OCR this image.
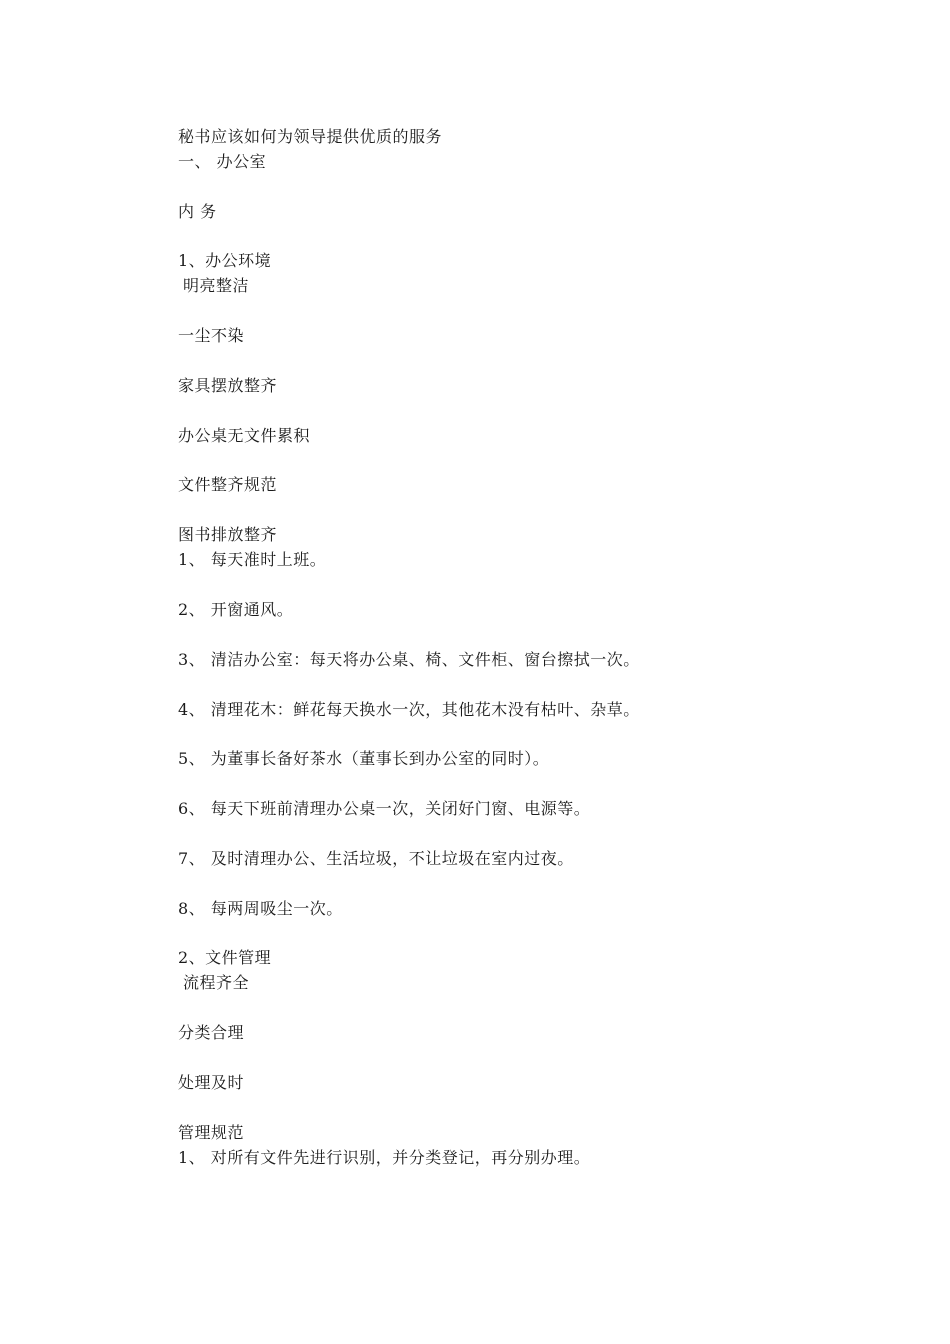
秘书应该如何为领导提供优质的服务
一、 办公室
内 务
1、办公环境
明亮整洁
一尘不染
家具摆放整齐
办公桌无文件累积
文件整齐规范
图书排放整齐
1、 每天准时上班。
2、 开窗通风。
3、 清洁办公室：每天将办公桌、椅、文件柜、窗台擦拭一次。
4、 清理花木：鲜花每天换水一次，其他花木没有枯叶、杂草。
5、 为董事长备好茶水（董事长到办公室的同时）。
6、 每天下班前清理办公桌一次，关闭好门窗、电源等。
7、 及时清理办公、生活垃圾，不让垃圾在室内过夜。
8、 每两周吸尘一次。
2、文件管理
流程齐全
分类合理
处理及时
管理规范
1、 对所有文件先进行识别，并分类登记，再分别办理。
